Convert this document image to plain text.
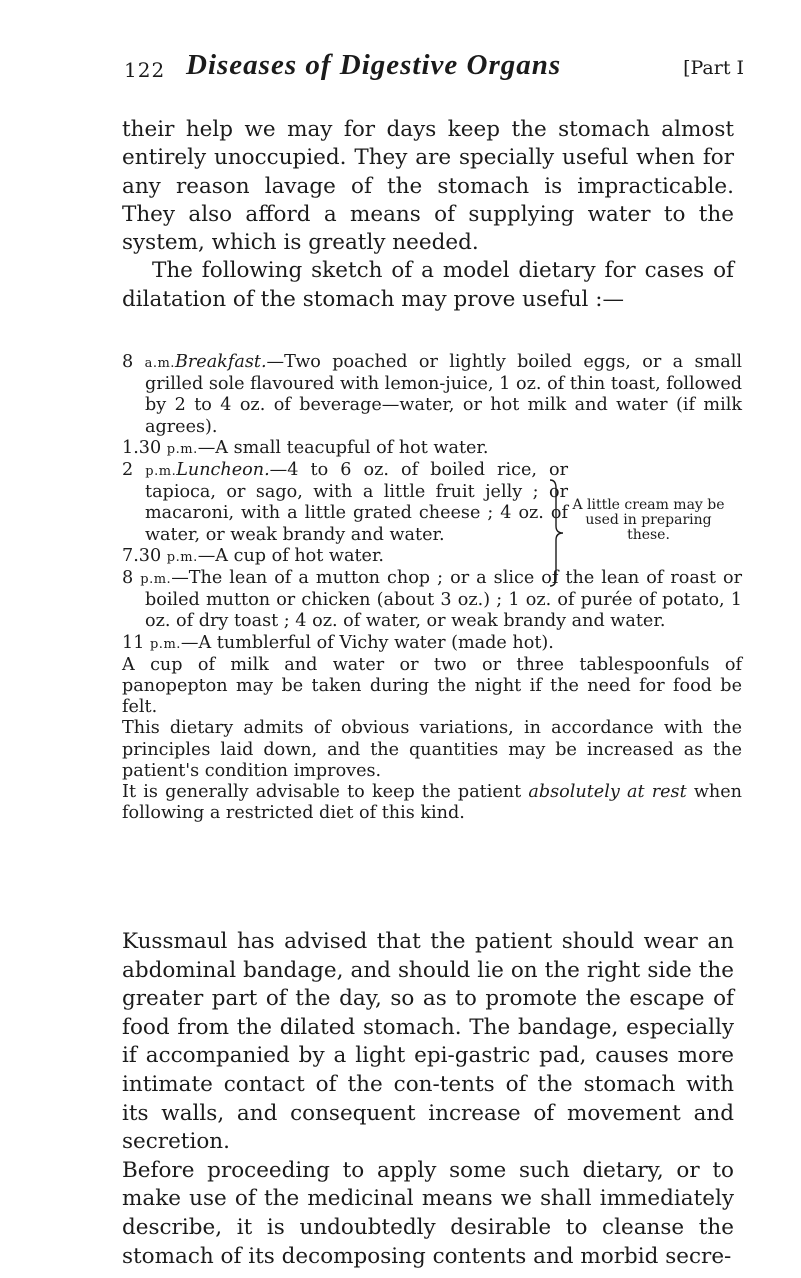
122 Diseases of Digestive Organs	[Part I

their help we may for days keep the stomach almost entirely unoccupied. They are specially useful when for any reason lavage of the stomach is impracticable. They also afford a means of supplying water to the system, which is greatly needed.

The following sketch of a model dietary for cases of dilatation of the stomach may prove useful :—

8 a.m.Breakfast.—Two poached or lightly boiled eggs, or a small grilled sole flavoured with lemon-juice, 1 oz. of thin toast, followed by 2 to 4 oz. of beverage—water, or hot milk and water (if milk agrees).

1.30 p.m.—A small teacupful of hot water.

2 p.m.Luncheon.—4 to 6 oz. of boiled rice, or tapioca, or sago, with a little fruit jelly ; or macaroni, with a little grated cheese ; 4 oz. of water, or weak brandy and water.

A little cream may be used in preparing these.

7.30 p.m.—A cup of hot water.

8 p.m.—The lean of a mutton chop ; or a slice of the lean of roast or boiled mutton or chicken (about 3 oz.) ; 1 oz. of purée of potato, 1 oz. of dry toast ; 4 oz. of water, or weak brandy and water.

11 p.m.—A tumblerful of Vichy water (made hot).

A cup of milk and water or two or three tablespoonfuls of panopepton may be taken during the night if the need for food be felt.

This dietary admits of obvious variations, in accordance with the principles laid down, and the quantities may be increased as the patient's condition improves.

It is generally advisable to keep the patient absolutely at rest when following a restricted diet of this kind.

Kussmaul has advised that the patient should wear an abdominal bandage, and should lie on the right side the greater part of the day, so as to promote the escape of food from the dilated stomach. The bandage, especially if accompanied by a light epi-gastric pad, causes more intimate contact of the con-tents of the stomach with its walls, and consequent increase of movement and secretion.

Before proceeding to apply some such dietary, or to make use of the medicinal means we shall immediately describe, it is undoubtedly desirable to cleanse the stomach of its decomposing contents and morbid secre-
